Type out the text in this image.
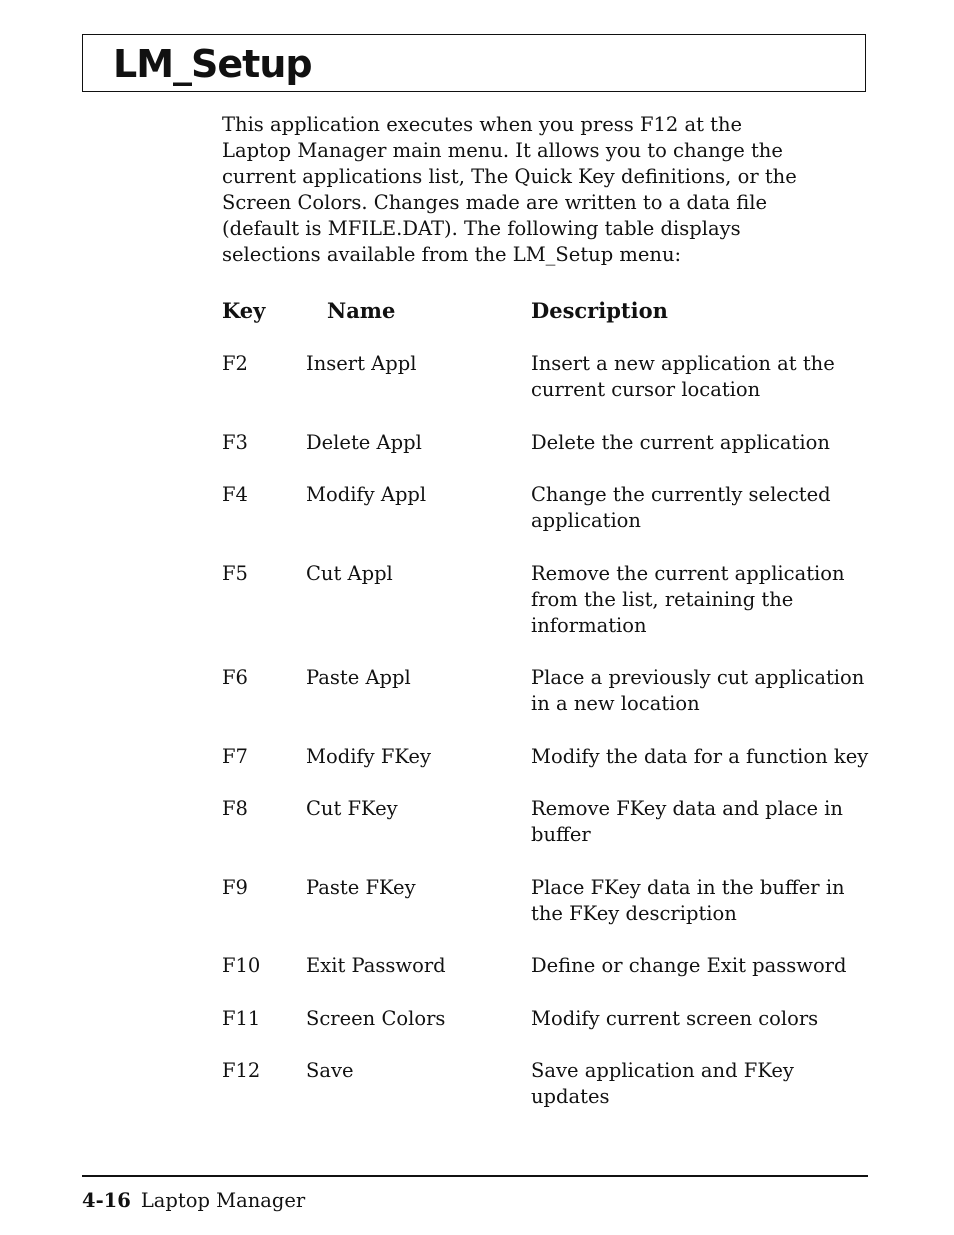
LM_Setup
This application executes when you press F12 at the
Laptop Manager main menu. It allows you to change the
current applications list, The Quick Key definitions, or the
Screen Colors. Changes made are written to a data file
(default is MFILE.DAT). The following table displays
selections available from the LM_Setup menu:
Key	Name	Description
F2	Insert Appl	Insert a new application at the
current cursor location
F3	Delete Appl	Delete the current application
F4	Modify Appl	Change the currently selected
application
F5	Cut Appl	Remove the current application
from the list, retaining the
information
F6	Paste Appl	Place a previously cut application
in a new location
F7	Modify FKey	Modify the data for a function key
F8	Cut FKey	Remove FKey data and place in
buffer
F9	Paste FKey	Place FKey data in the buffer in
the FKey description
F10 Exit Password	Define or change Exit password
F11 Screen Colors	Modify current screen colors
F12 Save	Save application and FKey
updates
4-16 Laptop Manager
